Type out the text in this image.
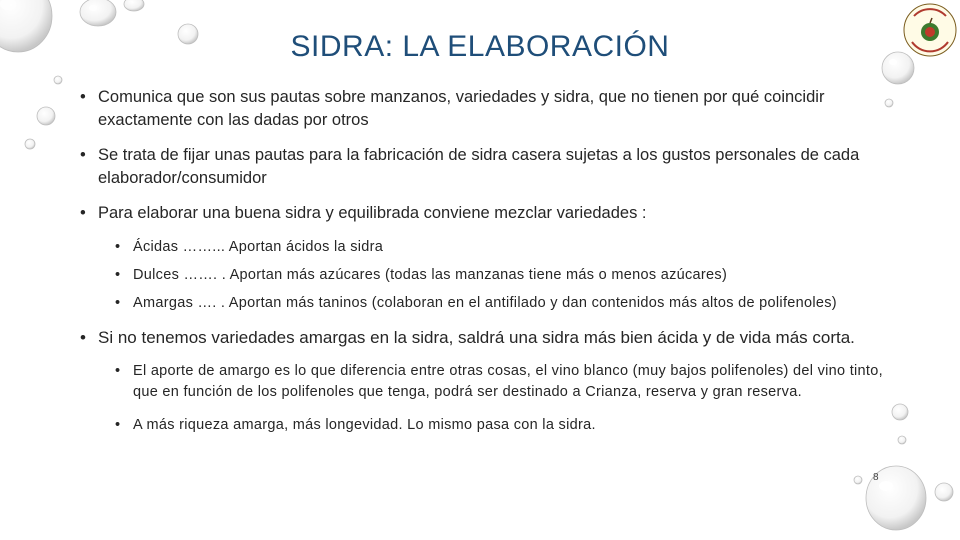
SIDRA: LA ELABORACIÓN
• Comunica que son sus pautas sobre manzanos, variedades y sidra, que no tienen por qué coincidir exactamente con las dadas por otros
• Se trata de fijar unas pautas para la fabricación de sidra casera sujetas a los gustos personales de cada elaborador/consumidor
• Para elaborar una buena sidra y equilibrada conviene mezclar variedades :
• Ácidas ……... Aportan ácidos la sidra
• Dulces ……. . Aportan más azúcares (todas las manzanas tiene más o menos azúcares)
• Amargas …. . Aportan más taninos (colaboran en el antifilado y dan contenidos más altos de polifenoles)
• Si no tenemos variedades amargas en la sidra, saldrá una sidra más bien ácida y de vida más corta.
• El aporte de amargo es lo que diferencia entre otras cosas, el vino blanco (muy bajos polifenoles) del vino tinto, que en función de los polifenoles que tenga, podrá ser destinado a Crianza, reserva y gran reserva.
• A más riqueza amarga, más longevidad. Lo mismo pasa con la sidra.
8
